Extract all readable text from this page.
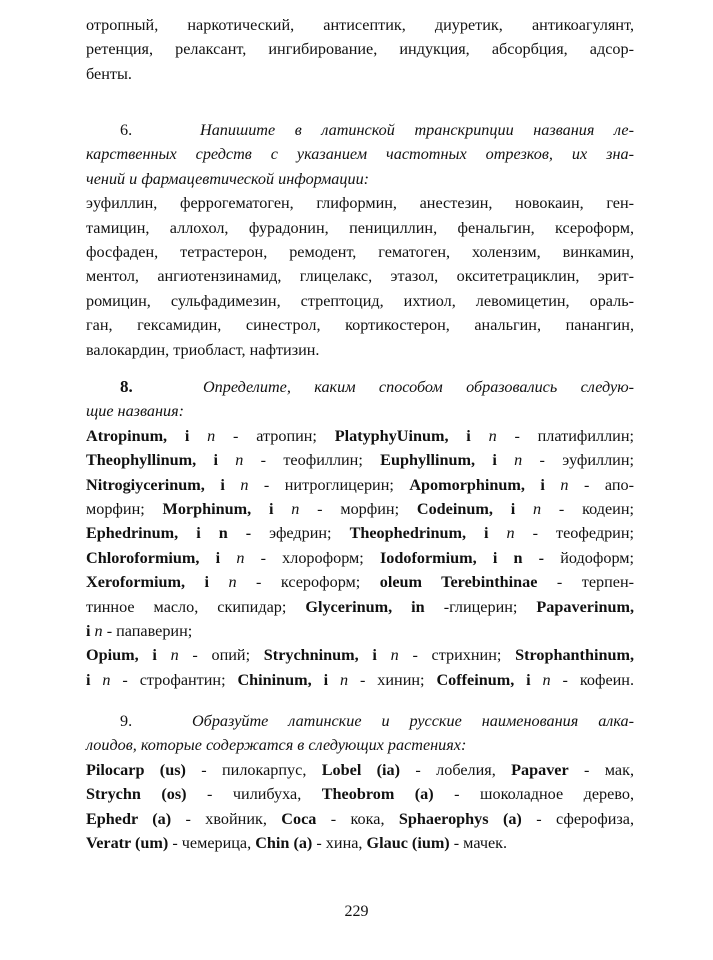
отропный, наркотический, антисептик, диуретик, антикоагулянт,
ретенция, релаксант, ингибирование, индукция, абсорбция, адсор-
бенты.
6.	Напишите в латинской транскрипции названия ле-
карственных средств с указанием частотных отрезков, их зна-
чений и фармацевтической информации:
эуфиллин, феррогематоген, глиформин, анестезин, новокаин, ген-
тамицин, аллохол, фурадонин, пенициллин, фенальгин, ксероформ,
фосфаден, тетрастерон, ремодент, гематоген, холензим, винкамин,
ментол, ангиотензинамид, глицелакс, этазол, окситетрациклин, эрит-
ромицин, сульфадимезин, стрептоцид, ихтиол, левомицетин, ораль-
ган, гексамидин, синестрол, кортикостерон, анальгин, панангин,
валокардин, триобласт, нафтизин.
8.	Определите, каким способом образовались следую-
щие названия:
Atropinum, i n - атропин; PlatyphyUinum, i n - платифиллин;
Theophyllinum, i n - теофиллин; Euphyllinum, i n - эуфиллин;
Nitrogiycerinum, i n - нитроглицерин; Apomorphinum, i n - апо-
морфин; Morphinum, i n - морфин; Codeinum, i n - кодеин;
Ephedrinum, i n - эфедрин; Theophedrinum, i n - теофедрин;
Chloroformium, i n - хлороформ; Iodoformium, i n - йодоформ;
Xeroformium, i n - ксероформ; oleum Terebinthinae - терпен-
тинное масло, скипидар; Glycerinum, in -глицерин; Papaverinum,
i n - папаверин;
Opium, i n - опий; Strychninum, i n - стрихнин; Strophanthinum,
i n - строфантин; Chininum, i n - хинин; Coffeinum, i n - кофеин.
9.	Образуйте латинские и русские наименования алка-
лоидов, которые содержатся в следующих растениях:
Pilocarp (us) - пилокарпус, Lobel (ia) - лобелия, Papaver - мак,
Strychn (os) - чилибуха, Theobrom (a) - шоколадное дерево,
Ephedr (a) - хвойник, Coca - кока, Sphaerophys (a) - сферофиза,
Veratr (um) - чемерица, Chin (a) - хина, Glauc (ium) - мачек.
229
